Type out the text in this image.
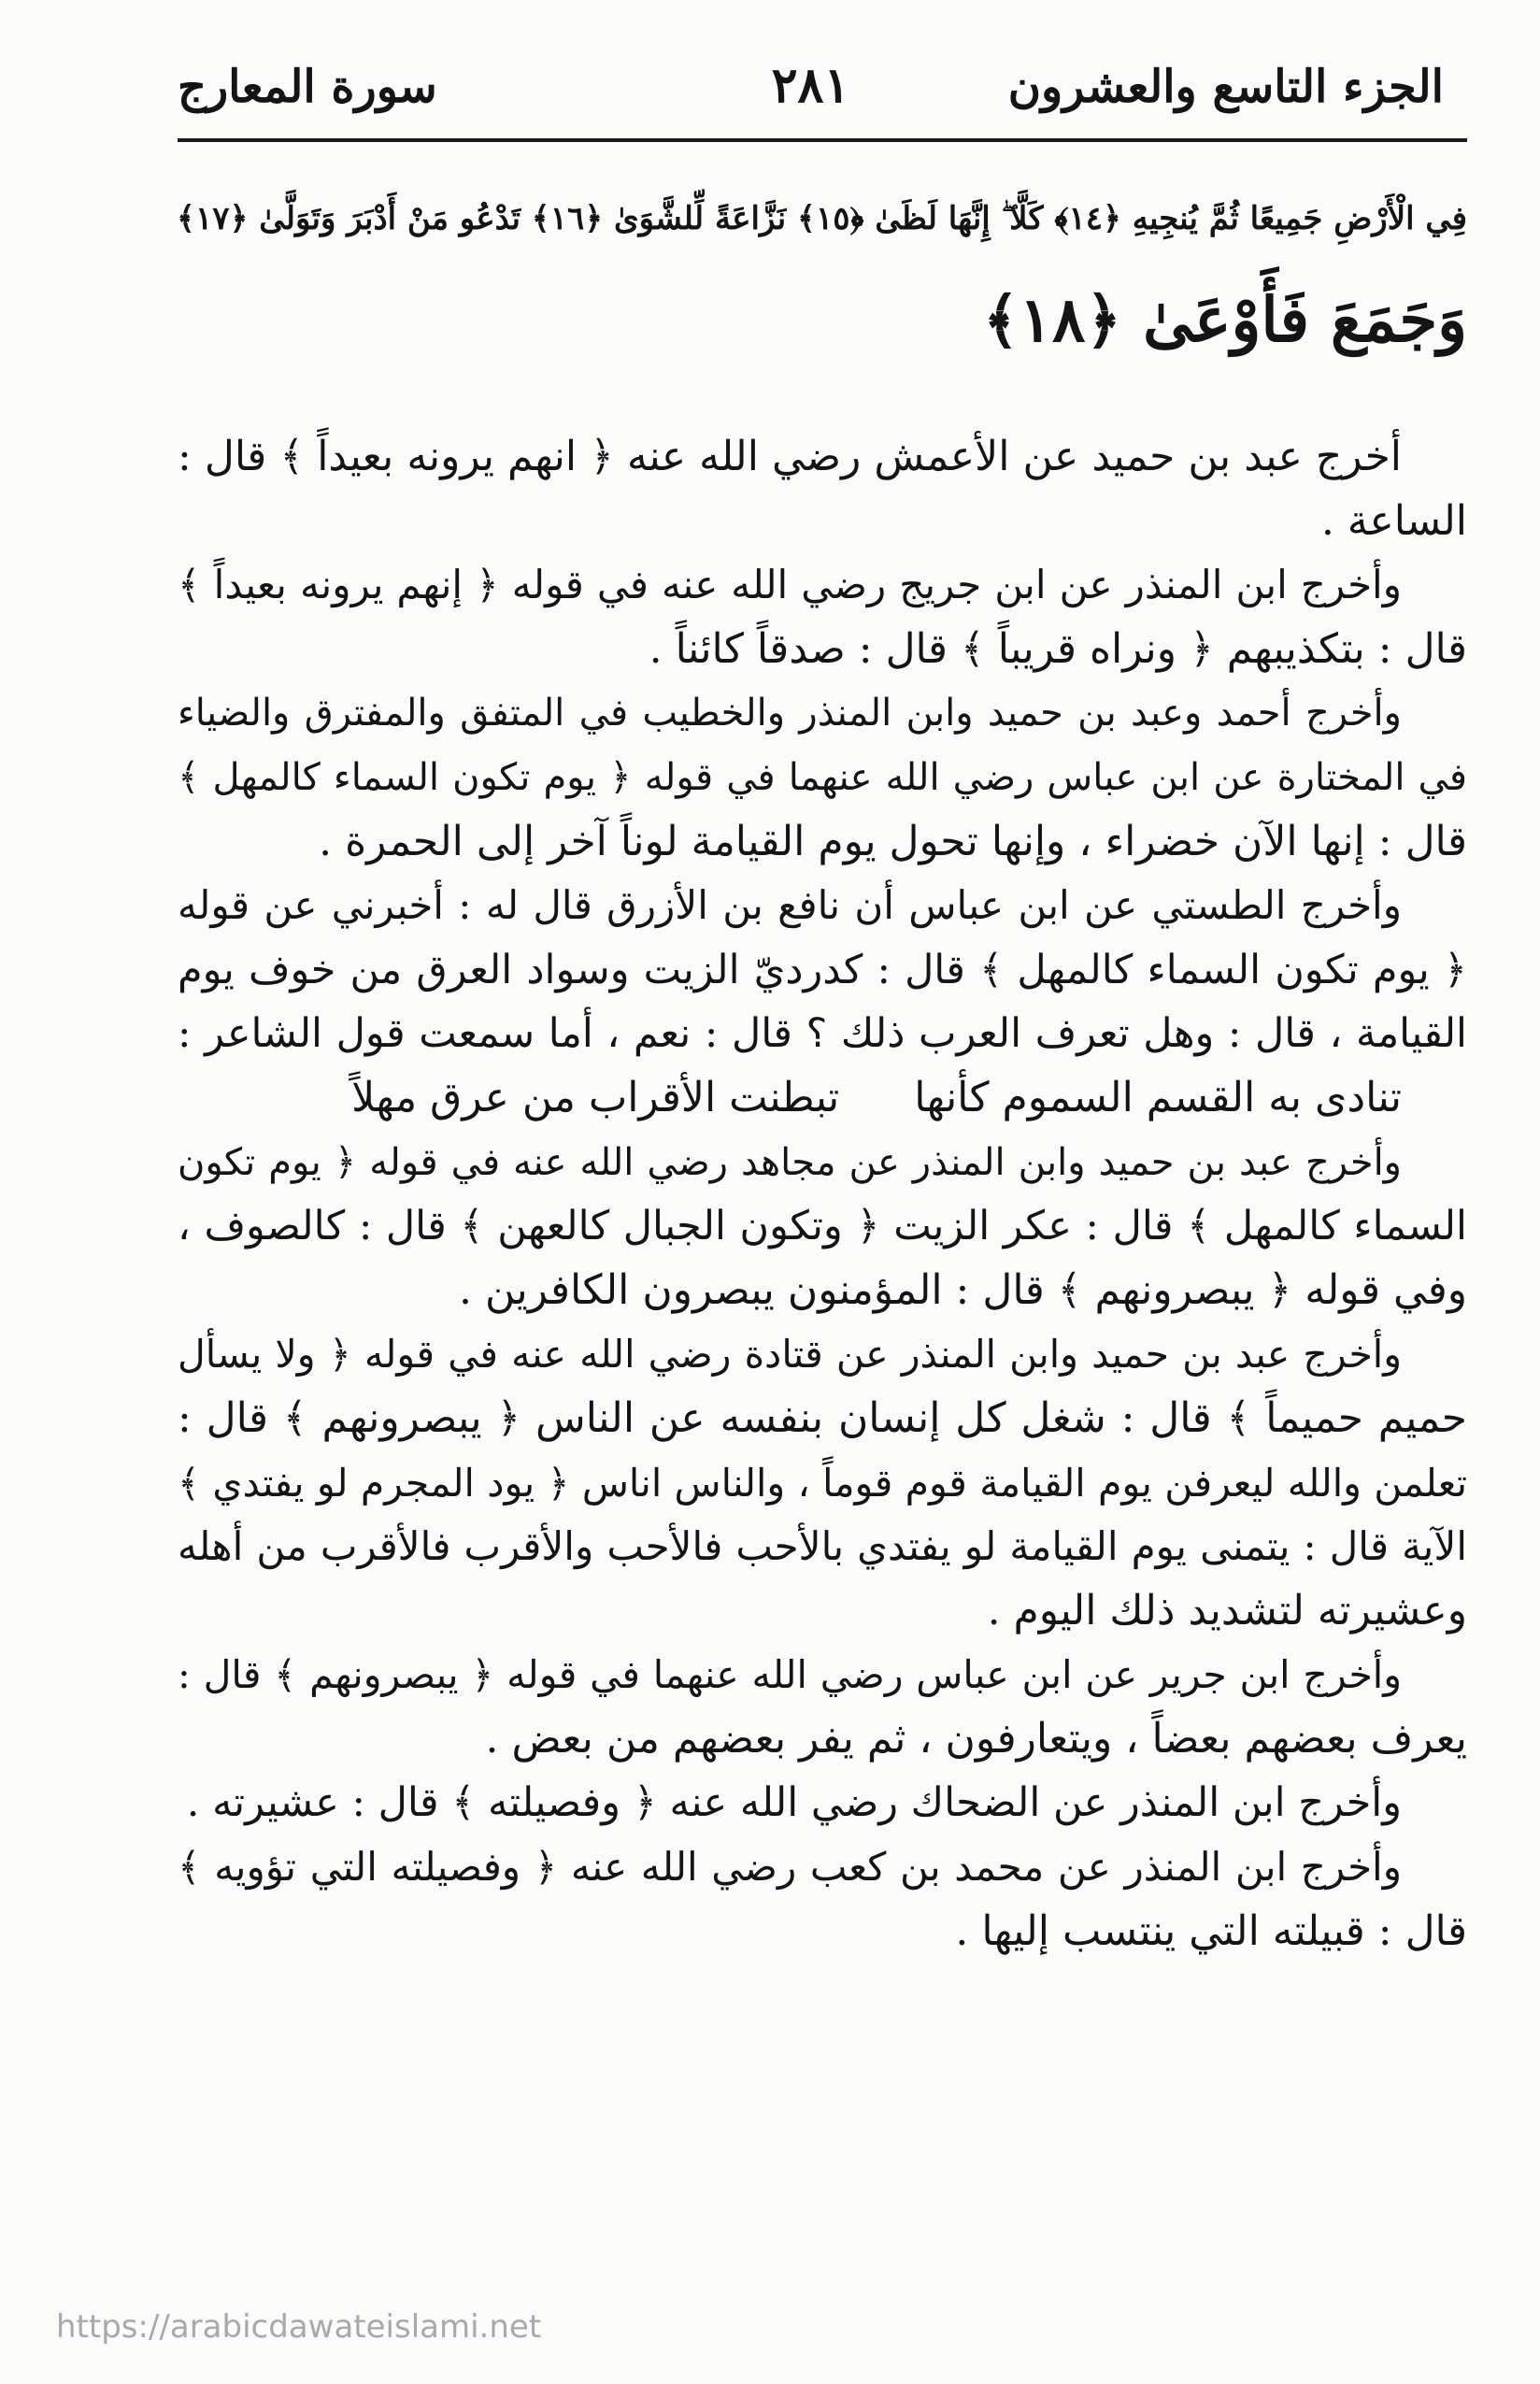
الجزء التاسع والعشرون
٢٨١
سورة المعارج
فِي الْأَرْضِ جَمِيعًا ثُمَّ يُنجِيهِ ﴿١٤﴾ كَلَّا ۖ إِنَّهَا لَظَىٰ ﴿١٥﴾ نَزَّاعَةً لِّلشَّوَىٰ ﴿١٦﴾ تَدْعُو مَنْ أَدْبَرَ وَتَوَلَّىٰ ﴿١٧﴾
وَجَمَعَ فَأَوْعَىٰ ﴿١٨﴾
أخرج عبد بن حميد عن الأعمش رضي الله عنه ﴿ انهم يرونه بعيداً ﴾ قال :
الساعة .
وأخرج ابن المنذر عن ابن جريج رضي الله عنه في قوله ﴿ إنهم يرونه بعيداً ﴾
قال : بتكذيبهم ﴿ ونراه قريباً ﴾ قال : صدقاً كائناً .
وأخرج أحمد وعبد بن حميد وابن المنذر والخطيب في المتفق والمفترق والضياء
في المختارة عن ابن عباس رضي الله عنهما في قوله ﴿ يوم تكون السماء كالمهل ﴾
قال : إنها الآن خضراء ، وإنها تحول يوم القيامة لوناً آخر إلى الحمرة .
وأخرج الطستي عن ابن عباس أن نافع بن الأزرق قال له : أخبرني عن قوله
﴿ يوم تكون السماء كالمهل ﴾ قال : كدرديّ الزيت وسواد العرق من خوف يوم
القيامة ، قال : وهل تعرف العرب ذلك ؟ قال : نعم ، أما سمعت قول الشاعر :
تنادى به القسم السموم كأنهاتبطنت الأقراب من عرق مهلاً
وأخرج عبد بن حميد وابن المنذر عن مجاهد رضي الله عنه في قوله ﴿ يوم تكون
السماء كالمهل ﴾ قال : عكر الزيت ﴿ وتكون الجبال كالعهن ﴾ قال : كالصوف ،
وفي قوله ﴿ يبصرونهم ﴾ قال : المؤمنون يبصرون الكافرين .
وأخرج عبد بن حميد وابن المنذر عن قتادة رضي الله عنه في قوله ﴿ ولا يسأل
حميم حميماً ﴾ قال : شغل كل إنسان بنفسه عن الناس ﴿ يبصرونهم ﴾ قال :
تعلمن والله ليعرفن يوم القيامة قوم قوماً ، والناس اناس ﴿ يود المجرم لو يفتدي ﴾
الآية قال : يتمنى يوم القيامة لو يفتدي بالأحب فالأحب والأقرب فالأقرب من أهله
وعشيرته لتشديد ذلك اليوم .
وأخرج ابن جرير عن ابن عباس رضي الله عنهما في قوله ﴿ يبصرونهم ﴾ قال :
يعرف بعضهم بعضاً ، ويتعارفون ، ثم يفر بعضهم من بعض .
وأخرج ابن المنذر عن الضحاك رضي الله عنه ﴿ وفصيلته ﴾ قال : عشيرته .
وأخرج ابن المنذر عن محمد بن كعب رضي الله عنه ﴿ وفصيلته التي تؤويه ﴾
قال : قبيلته التي ينتسب إليها .
https://arabicdawateislami.net
